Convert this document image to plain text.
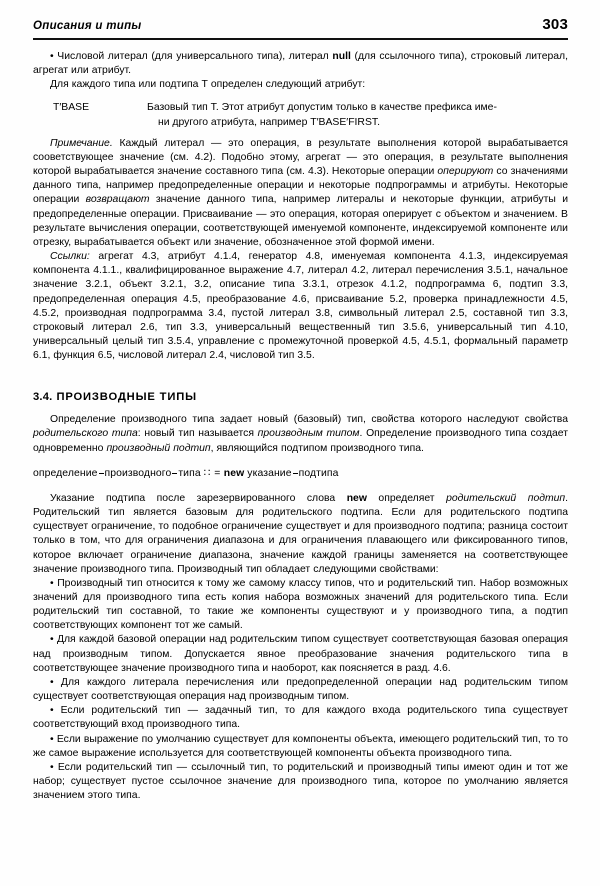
Описания и типы	303

• Числовой литерал (для универсального типа), литерал null (для ссылочного типа), строковый литерал, агрегат или атрибут.

Для каждого типа или подтипа Т определен следующий атрибут:

T′BASE	Базовый тип Т. Этот атрибут допустим только в качестве префикса име-
ни другого атрибута, например T′BASE′FIRST.

Примечание. Каждый литерал — это операция, в результате выполнения которой вырабатывается сооветствующее значение (см. 4.2). Подобно этому, агрегат — это операция, в результате выполнения которой вырабатывается значение составного типа (см. 4.3). Некоторые операции оперируют со значениями данного типа, например предопределенные операции и некоторые подпрограммы и атрибуты. Некоторые операции возвращают значение данного типа, например литералы и некоторые функции, атрибуты и предопределенные операции. Присваивание — это операция, которая оперирует с объектом и значением. В результате вычисления операции, соответствующей именуемой компоненте, индексируемой компоненте или отрезку, вырабатывается объект или значение, обозначенное этой формой имени.

Ссылки: агрегат 4.3, атрибут 4.1.4, генератор 4.8, именуемая компонента 4.1.3, индексируемая компонента 4.1.1., квалифицированное выражение 4.7, литерал 4.2, литерал перечисления 3.5.1, начальное значение 3.2.1, объект 3.2.1, 3.2, описание типа 3.3.1, отрезок 4.1.2, подпрограмма 6, подтип 3.3, предопределенная операция 4.5, преобразование 4.6, присваивание 5.2, проверка принадлежности 4.5, 4.5.2, производная подпрограмма 3.4, пустой литерал 3.8, символьный литерал 2.5, составной тип 3.3, строковый литерал 2.6, тип 3.3, универсальный вещественный тип 3.5.6, универсальный тип 4.10, универсальный целый тип 3.5.4, управление с промежуточной проверкой 4.5, 4.5.1, формальный параметр 6.1, функция 6.5, числовой литерал 2.4, числовой тип 3.5.

3.4. ПРОИЗВОДНЫЕ ТИПЫ

Определение производного типа задает новый (базовый) тип, свойства которого наследуют свойства родительского типа: новый тип называется производным типом. Определение производного типа создает одновременно производный подтип, являющийся подтипом производного типа.

определение производного типа ∷ = new указание подтипа

Указание подтипа после зарезервированного слова new определяет родительский подтип. Родительский тип является базовым для родительского подтипа. Если для родительского подтипа существует ограничение, то подобное ограничение существует и для производного подтипа; разница состоит только в том, что для ограничения диапазона и для ограничения плавающего или фиксированного типов, которое включает ограничение диапазона, значение каждой границы заменяется на соответствующее значение производного типа. Производный тип обладает следующими свойствами:

• Производный тип относится к тому же самому классу типов, что и родительский тип. Набор возможных значений для производного типа есть копия набора возможных значений для родительского типа. Если родительский тип составной, то такие же компоненты существуют и у производного типа, а подтип соответствующих компонент тот же самый.

• Для каждой базовой операции над родительским типом существует соответствующая базовая операция над производным типом. Допускается явное преобразование значения родительского типа в соответствующее значение производного типа и наоборот, как поясняется в разд. 4.6.

• Для каждого литерала перечисления или предопределенной операции над родительским типом существует соответствующая операция над производным типом.

• Если родительский тип — задачный тип, то для каждого входа родительского типа существует соответствующий вход производного типа.

• Если выражение по умолчанию существует для компоненты объекта, имеющего родительский тип, то то же самое выражение используется для соответствующей компоненты объекта производного типа.

• Если родительский тип — ссылочный тип, то родительский и производный типы имеют один и тот же набор; существует пустое ссылочное значение для производного типа, которое по умолчанию является значением этого типа.
